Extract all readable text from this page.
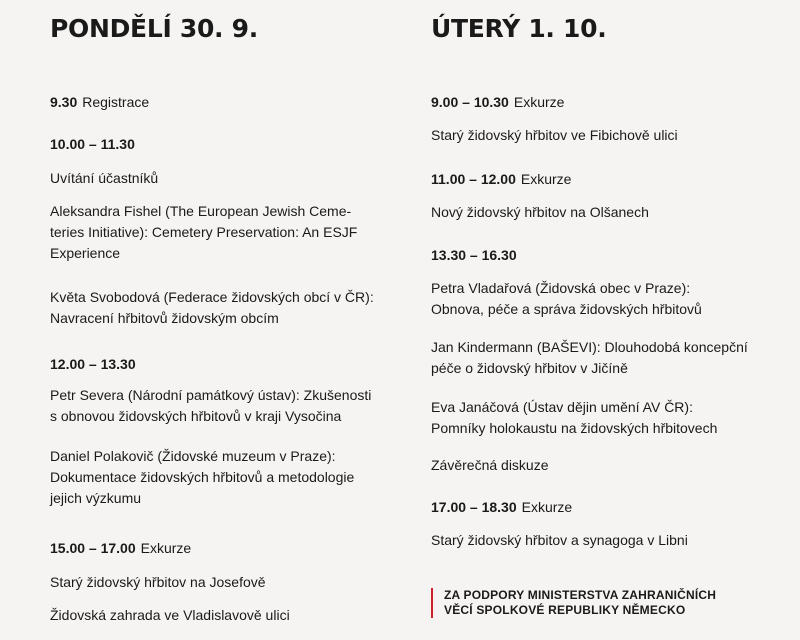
PONDĚLÍ 30. 9.
9.30 Registrace
10.00 – 11.30
Uvítání účastníků
Aleksandra Fishel (The European Jewish Ceme-
teries Initiative): Cemetery Preservation: An ESJF
Experience
Květa Svobodová (Federace židovských obcí v ČR):
Navracení hřbitovů židovským obcím
12.00 – 13.30
Petr Severa (Národní památkový ústav): Zkušenosti
s obnovou židovských hřbitovů v kraji Vysočina
Daniel Polakovič (Židovské muzeum v Praze):
Dokumentace židovských hřbitovů a metodologie
jejich výzkumu
15.00 – 17.00 Exkurze
Starý židovský hřbitov na Josefově
Židovská zahrada ve Vladislavově ulici
ÚTERÝ 1. 10.
9.00 – 10.30 Exkurze
Starý židovský hřbitov ve Fibichově ulici
11.00 – 12.00 Exkurze
Nový židovský hřbitov na Olšanech
13.30 – 16.30
Petra Vladařová (Židovská obec v Praze):
Obnova, péče a správa židovských hřbitovů
Jan Kindermann (BAŠEVI): Dlouhodobá koncepční
péče o židovský hřbitov v Jičíně
Eva Janáčová (Ústav dějin umění AV ČR):
Pomníky holokaustu na židovských hřbitovech
Závěrečná diskuze
17.00 – 18.30 Exkurze
Starý židovský hřbitov a synagoga v Libni
ZA PODPORY MINISTERSTVA ZAHRANIČNÍCH
VĚCÍ SPOLKOVÉ REPUBLIKY NĚMECKO
